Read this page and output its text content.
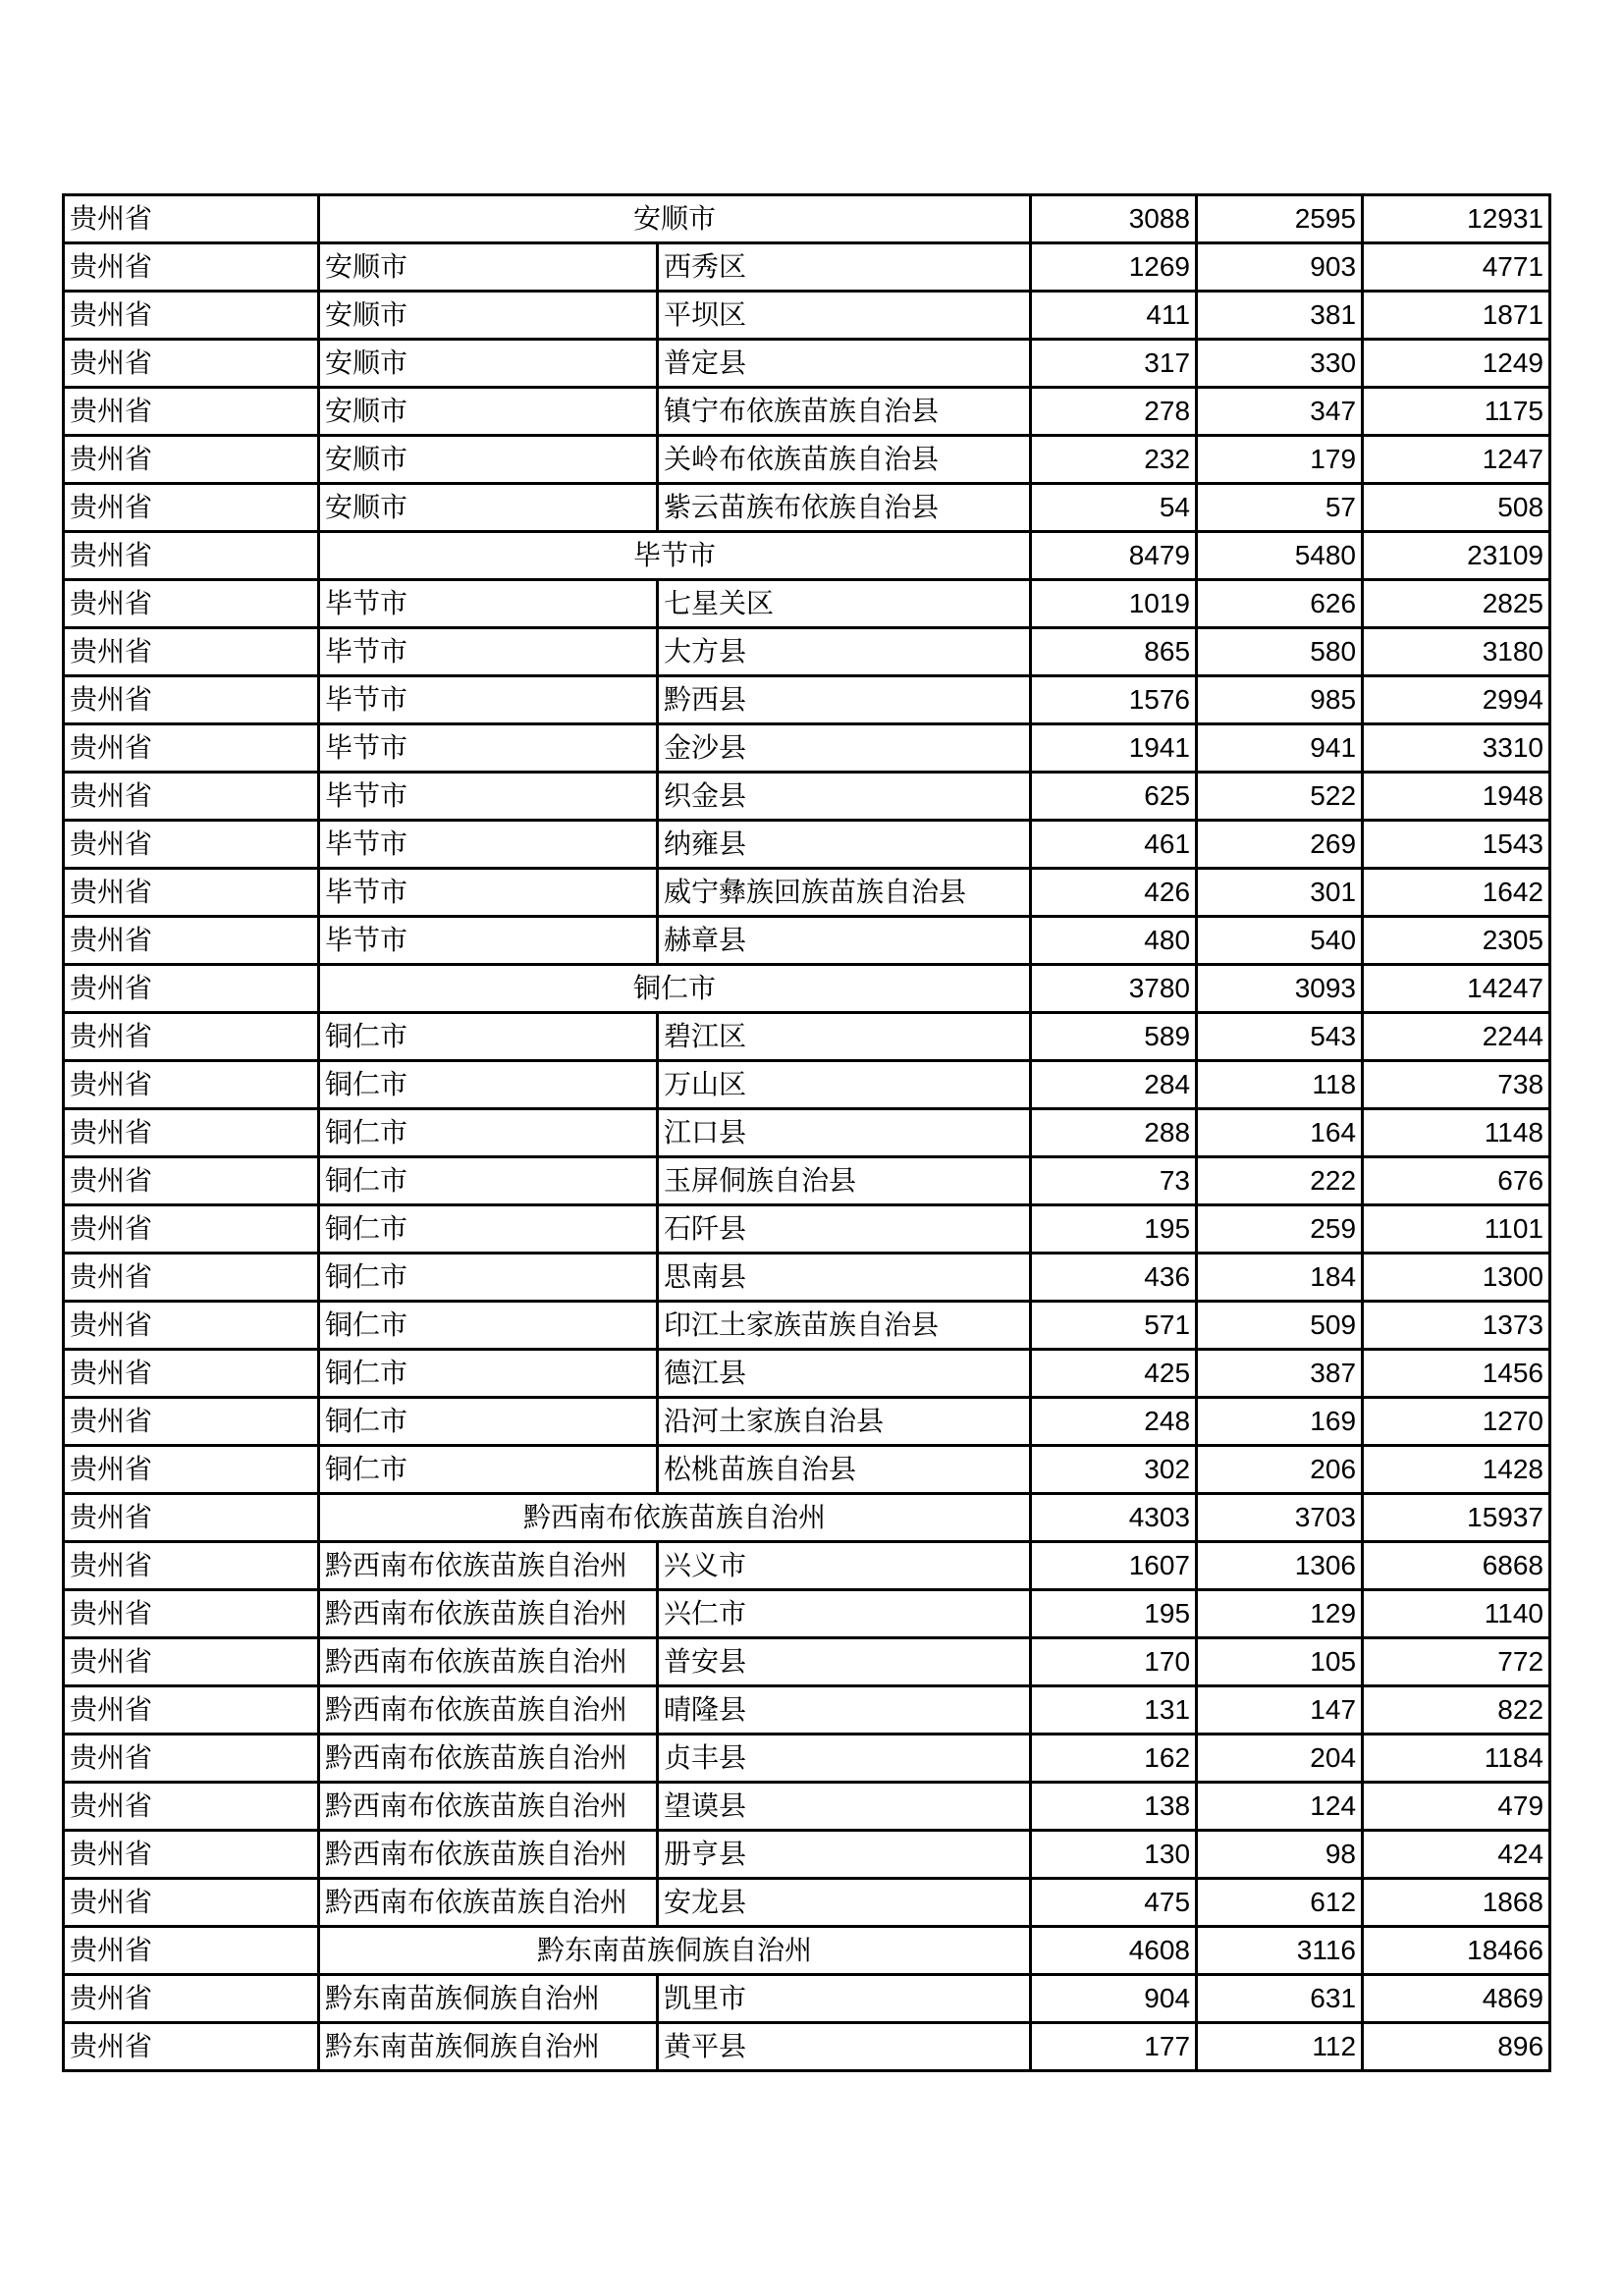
贵州省	安顺市		3088	2595	12931
贵州省	安顺市	西秀区	1269	903	4771
贵州省	安顺市	平坝区	411	381	1871
贵州省	安顺市	普定县	317	330	1249
贵州省	安顺市	镇宁布依族苗族自治县	278	347	1175
贵州省	安顺市	关岭布依族苗族自治县	232	179	1247
贵州省	安顺市	紫云苗族布依族自治县	54	57	508
贵州省	毕节市		8479	5480	23109
贵州省	毕节市	七星关区	1019	626	2825
贵州省	毕节市	大方县	865	580	3180
贵州省	毕节市	黔西县	1576	985	2994
贵州省	毕节市	金沙县	1941	941	3310
贵州省	毕节市	织金县	625	522	1948
贵州省	毕节市	纳雍县	461	269	1543
贵州省	毕节市	威宁彝族回族苗族自治县	426	301	1642
贵州省	毕节市	赫章县	480	540	2305
贵州省	铜仁市		3780	3093	14247
贵州省	铜仁市	碧江区	589	543	2244
贵州省	铜仁市	万山区	284	118	738
贵州省	铜仁市	江口县	288	164	1148
贵州省	铜仁市	玉屏侗族自治县	73	222	676
贵州省	铜仁市	石阡县	195	259	1101
贵州省	铜仁市	思南县	436	184	1300
贵州省	铜仁市	印江土家族苗族自治县	571	509	1373
贵州省	铜仁市	德江县	425	387	1456
贵州省	铜仁市	沿河土家族自治县	248	169	1270
贵州省	铜仁市	松桃苗族自治县	302	206	1428
贵州省	黔西南布依族苗族自治州		4303	3703	15937
贵州省	黔西南布依族苗族自治州	兴义市	1607	1306	6868
贵州省	黔西南布依族苗族自治州	兴仁市	195	129	1140
贵州省	黔西南布依族苗族自治州	普安县	170	105	772
贵州省	黔西南布依族苗族自治州	晴隆县	131	147	822
贵州省	黔西南布依族苗族自治州	贞丰县	162	204	1184
贵州省	黔西南布依族苗族自治州	望谟县	138	124	479
贵州省	黔西南布依族苗族自治州	册亨县	130	98	424
贵州省	黔西南布依族苗族自治州	安龙县	475	612	1868
贵州省	黔东南苗族侗族自治州		4608	3116	18466
贵州省	黔东南苗族侗族自治州	凯里市	904	631	4869
贵州省	黔东南苗族侗族自治州	黄平县	177	112	896
